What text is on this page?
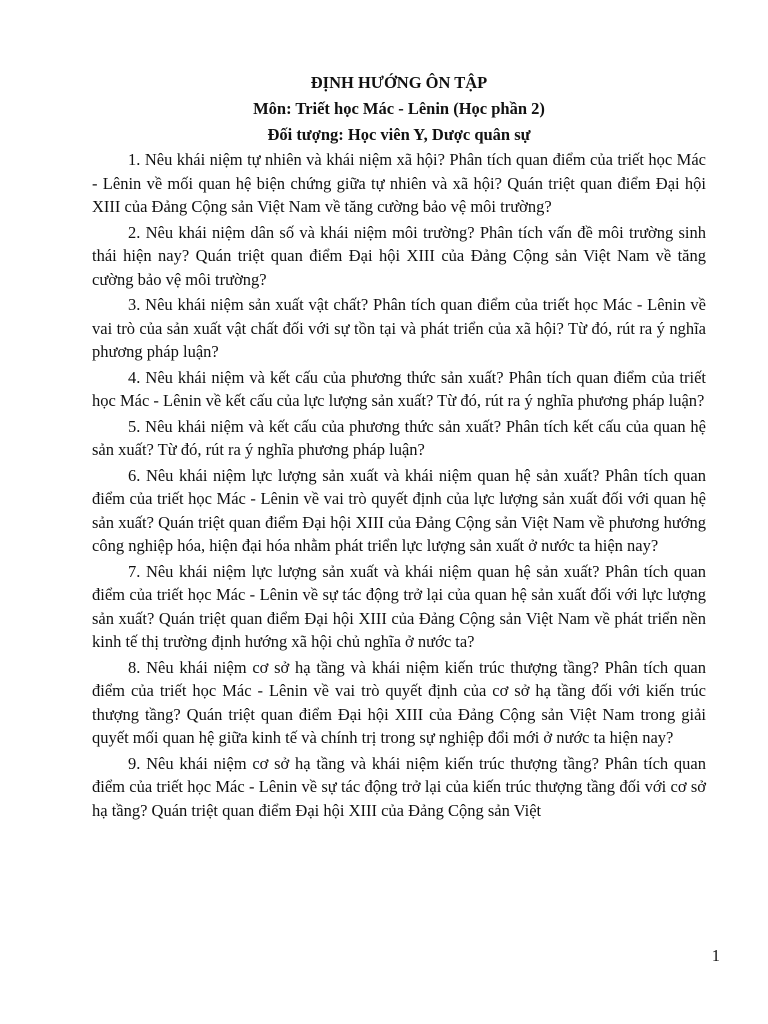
ĐỊNH HƯỚNG ÔN TẬP
Môn: Triết học Mác - Lênin (Học phần 2)
Đối tượng: Học viên Y, Dược quân sự

1. Nêu khái niệm tự nhiên và khái niệm xã hội? Phân tích quan điểm của triết học Mác - Lênin về mối quan hệ biện chứng giữa tự nhiên và xã hội? Quán triệt quan điểm Đại hội XIII của Đảng Cộng sản Việt Nam về tăng cường bảo vệ môi trường?

2. Nêu khái niệm dân số và khái niệm môi trường? Phân tích vấn đề môi trường sinh thái hiện nay? Quán triệt quan điểm Đại hội XIII của Đảng Cộng sản Việt Nam về tăng cường bảo vệ môi trường?

3. Nêu khái niệm sản xuất vật chất? Phân tích quan điểm của triết học Mác - Lênin về vai trò của sản xuất vật chất đối với sự tồn tại và phát triển của xã hội? Từ đó, rút ra ý nghĩa phương pháp luận?

4. Nêu khái niệm và kết cấu của phương thức sản xuất? Phân tích quan điểm của triết học Mác - Lênin về kết cấu của lực lượng sản xuất? Từ đó, rút ra ý nghĩa phương pháp luận?

5. Nêu khái niệm và kết cấu của phương thức sản xuất? Phân tích kết cấu của quan hệ sản xuất? Từ đó, rút ra ý nghĩa phương pháp luận?

6. Nêu khái niệm lực lượng sản xuất và khái niệm quan hệ sản xuất? Phân tích quan điểm của triết học Mác - Lênin về vai trò quyết định của lực lượng sản xuất đối với quan hệ sản xuất? Quán triệt quan điểm Đại hội XIII của Đảng Cộng sản Việt Nam về phương hướng công nghiệp hóa, hiện đại hóa nhằm phát triển lực lượng sản xuất ở nước ta hiện nay?

7. Nêu khái niệm lực lượng sản xuất và khái niệm quan hệ sản xuất? Phân tích quan điểm của triết học Mác - Lênin về sự tác động trở lại của quan hệ sản xuất đối với lực lượng sản xuất? Quán triệt quan điểm Đại hội XIII của Đảng Cộng sản Việt Nam về phát triển nền kinh tế thị trường định hướng xã hội chủ nghĩa ở nước ta?

8. Nêu khái niệm cơ sở hạ tầng và khái niệm kiến trúc thượng tầng? Phân tích quan điểm của triết học Mác - Lênin về vai trò quyết định của cơ sở hạ tầng đối với kiến trúc thượng tầng? Quán triệt quan điểm Đại hội XIII của Đảng Cộng sản Việt Nam trong giải quyết mối quan hệ giữa kinh tế và chính trị trong sự nghiệp đổi mới ở nước ta hiện nay?

9. Nêu khái niệm cơ sở hạ tầng và khái niệm kiến trúc thượng tầng? Phân tích quan điểm của triết học Mác - Lênin về sự tác động trở lại của kiến trúc thượng tầng đối với cơ sở hạ tầng? Quán triệt quan điểm Đại hội XIII của Đảng Cộng sản Việt

1
